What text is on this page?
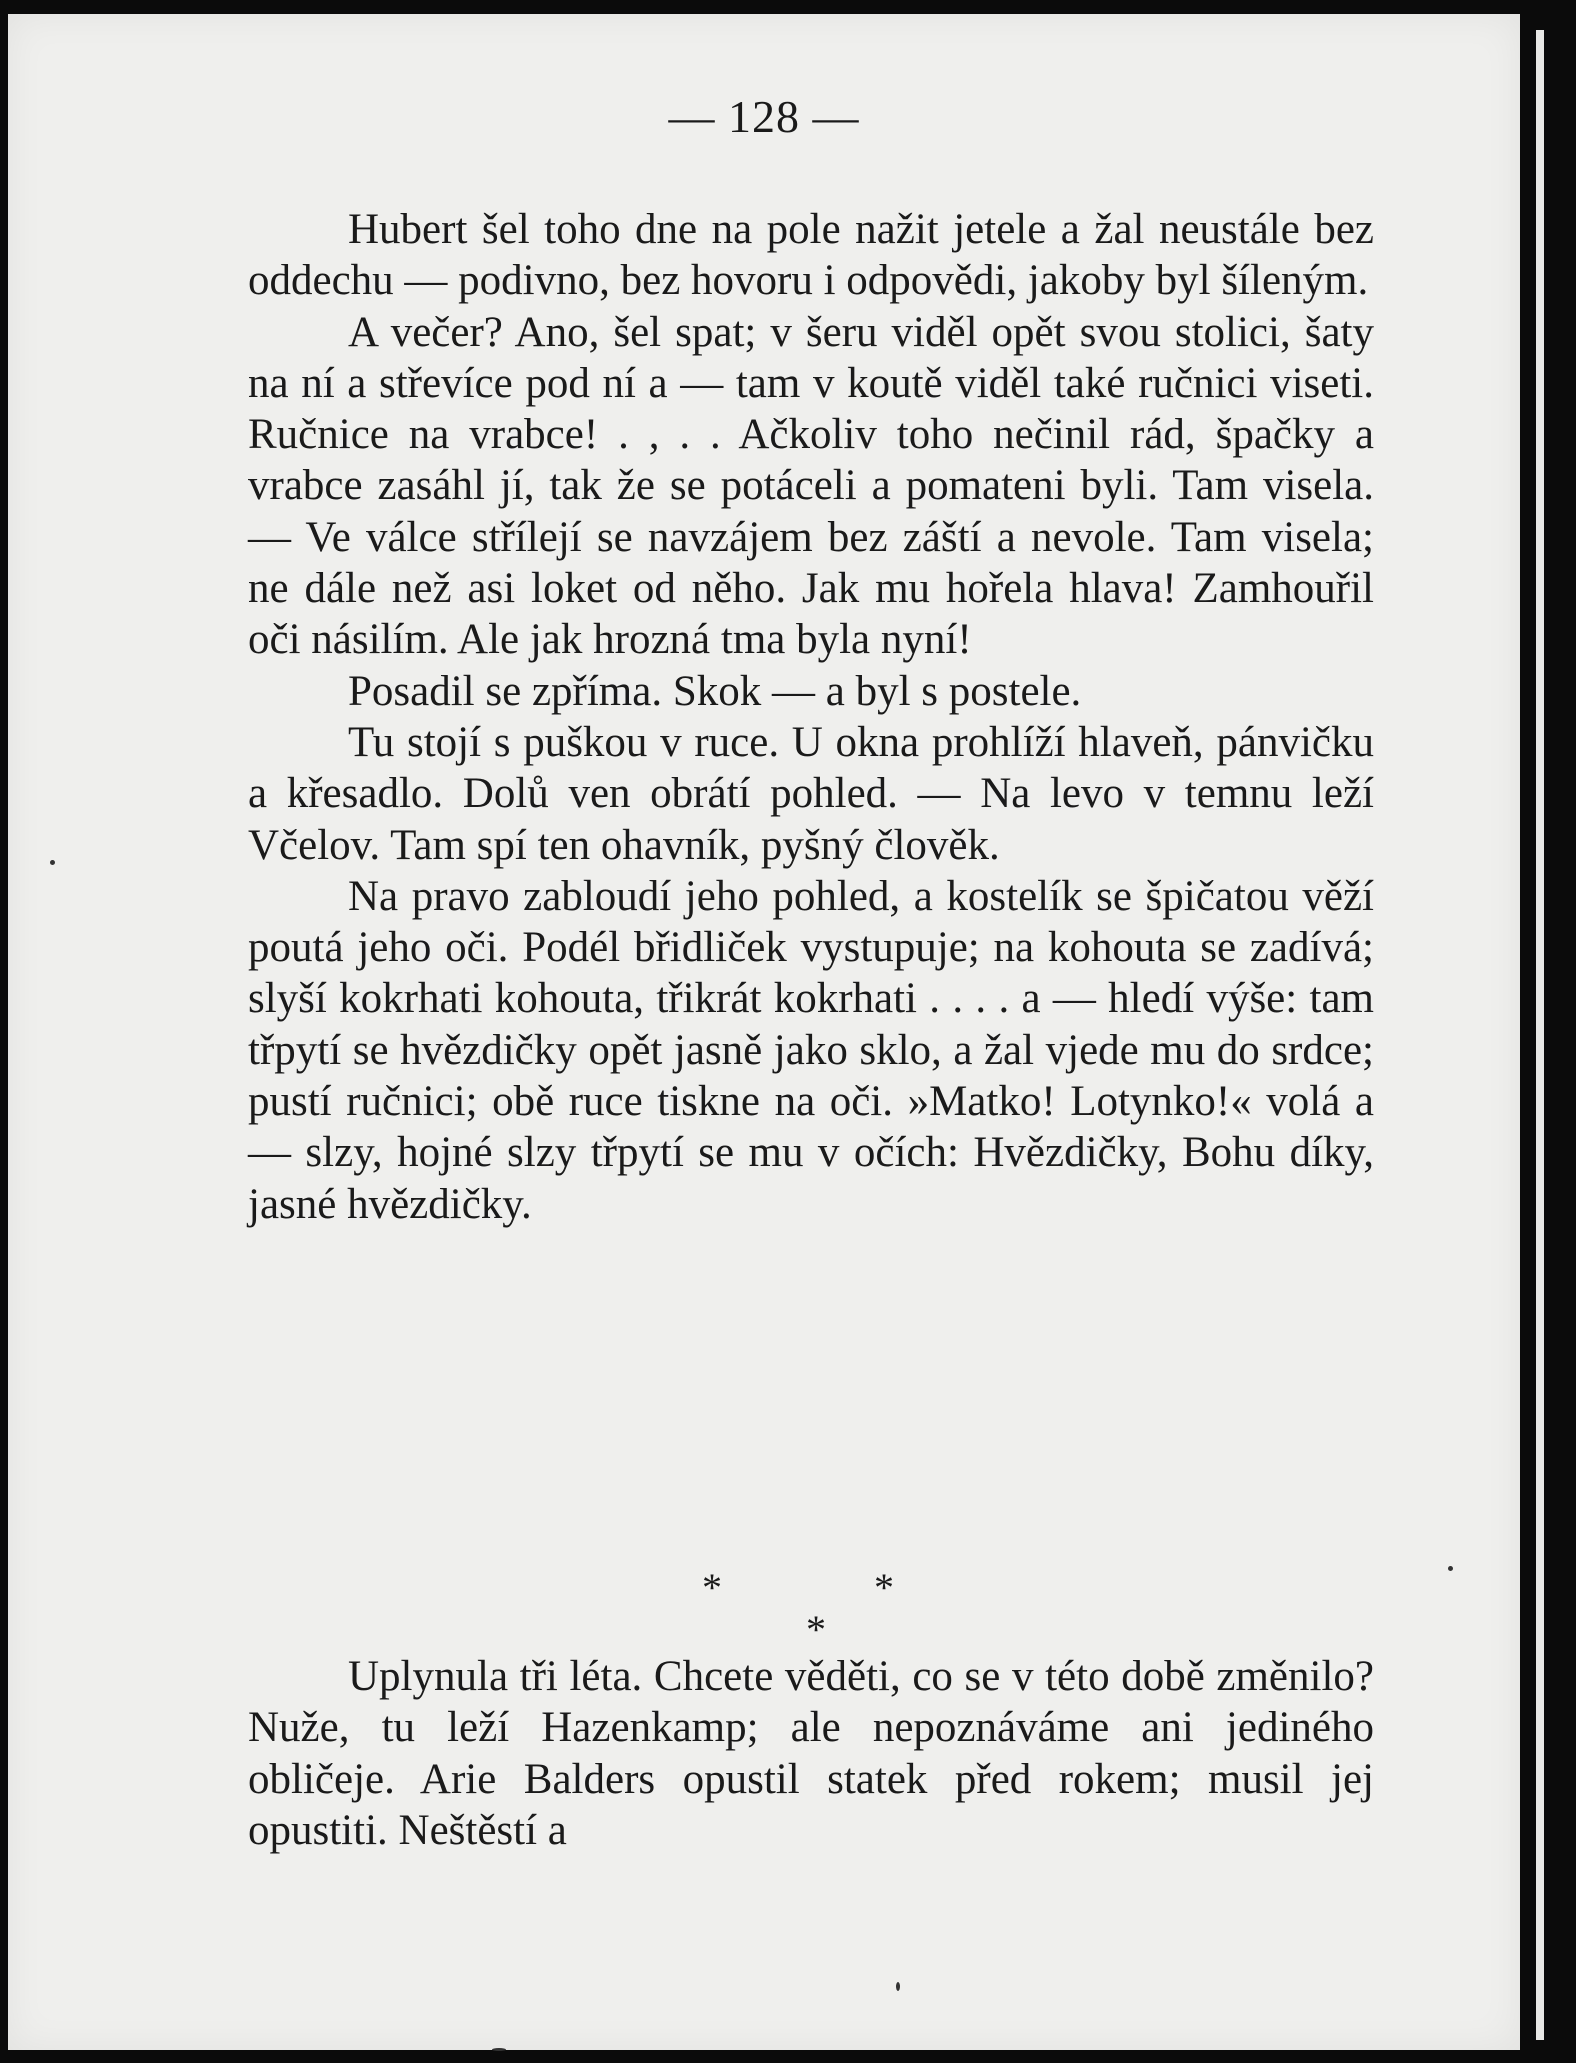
— 128 —

Hubert šel toho dne na pole nažit jetele a žal neustále bez oddechu — podivno, bez hovoru i odpovědi, jakoby byl šíleným.

A večer? Ano, šel spat; v šeru viděl opět svou stolici, šaty na ní a střevíce pod ní a — tam v koutě viděl také ručnici viseti. Ručnice na vrabce! . , . . Ačkoliv toho nečinil rád, špačky a vrabce zasáhl jí, tak že se potáceli a pomateni byli. Tam visela. — Ve válce střílejí se navzájem bez záští a nevole. Tam visela; ne dále než asi loket od něho. Jak mu hořela hlava! Zamhouřil oči násilím. Ale jak hrozná tma byla nyní!

Posadil se zpříma. Skok — a byl s postele.

Tu stojí s puškou v ruce. U okna prohlíží hlaveň, pánvičku a křesadlo. Dolů ven obrátí pohled. — Na levo v temnu leží Včelov. Tam spí ten ohavník, pyšný člověk.

Na pravo zabloudí jeho pohled, a kostelík se špičatou věží poutá jeho oči. Podél břidliček vystupuje; na kohouta se zadívá; slyší kokrhati kohouta, třikrát kokrhati . . . . a — hledí výše: tam třpytí se hvězdičky opět jasně jako sklo, a žal vjede mu do srdce; pustí ručnici; obě ruce tiskne na oči. »Matko! Lotynko!« volá a — slzy, hojné slzy třpytí se mu v očích: Hvězdičky, Bohu díky, jasné hvězdičky.

*	*
*

Uplynula tři léta. Chcete věděti, co se v této době změnilo? Nuže, tu leží Hazenkamp; ale nepoznáváme ani jediného obličeje. Arie Balders opustil statek před rokem; musil jej opustiti. Neštěstí a
